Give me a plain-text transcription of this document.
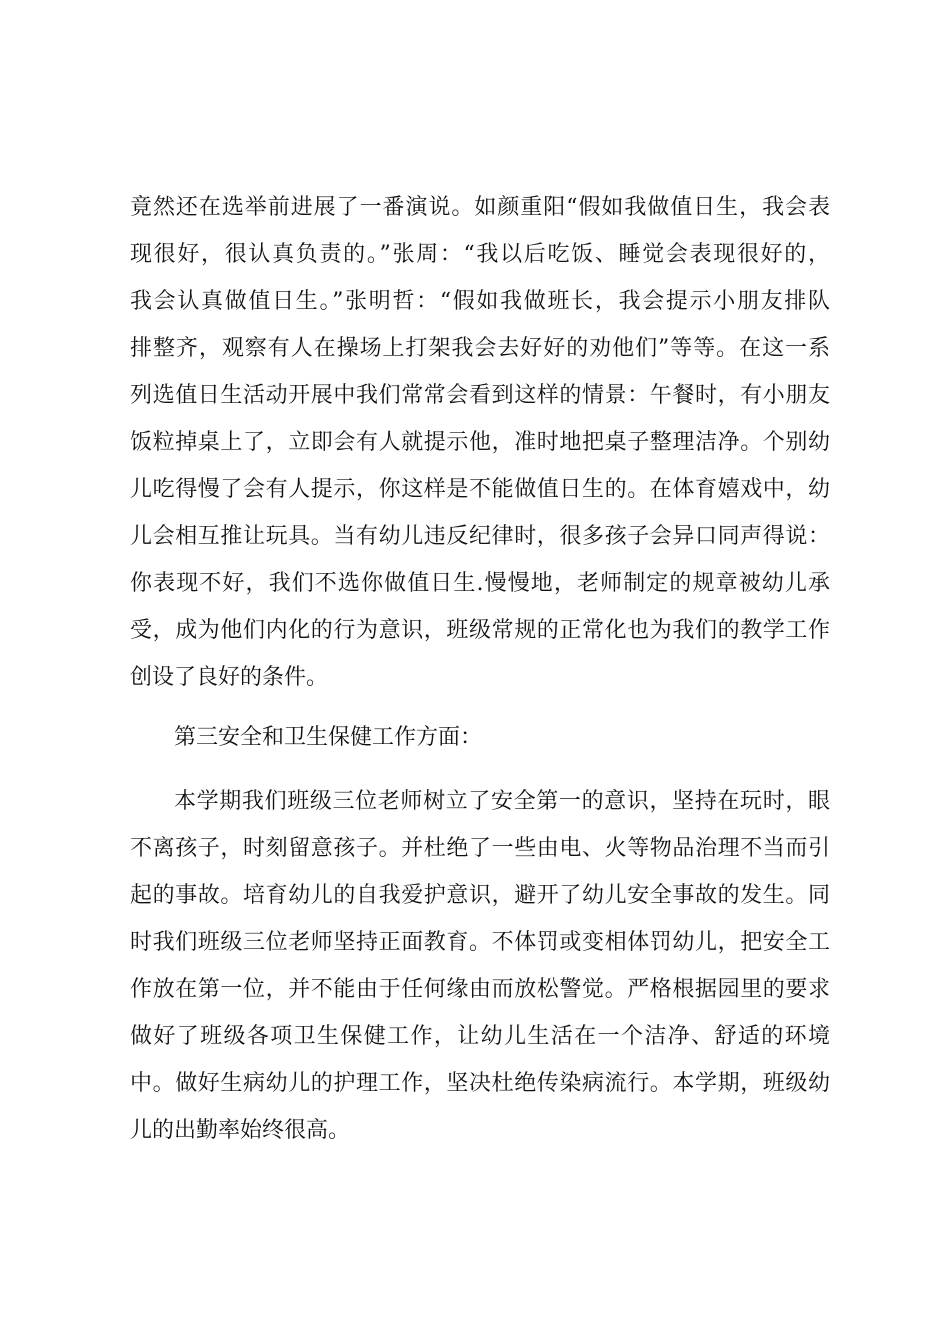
竟然还在选举前进展了一番演说。如颜重阳“假如我做值日生，我会表
现很好，很认真负责的。”张周：“我以后吃饭、睡觉会表现很好的，
我会认真做值日生。”张明哲：“假如我做班长，我会提示小朋友排队
排整齐，观察有人在操场上打架我会去好好的劝他们”等等。在这一系
列选值日生活动开展中我们常常会看到这样的情景：午餐时，有小朋友
饭粒掉桌上了，立即会有人就提示他，准时地把桌子整理洁净。个别幼
儿吃得慢了会有人提示，你这样是不能做值日生的。在体育嬉戏中，幼
儿会相互推让玩具。当有幼儿违反纪律时，很多孩子会异口同声得说：
你表现不好，我们不选你做值日生.慢慢地，老师制定的规章被幼儿承
受，成为他们内化的行为意识，班级常规的正常化也为我们的教学工作
创设了良好的条件。
第三安全和卫生保健工作方面：
本学期我们班级三位老师树立了安全第一的意识，坚持在玩时，眼
不离孩子，时刻留意孩子。并杜绝了一些由电、火等物品治理不当而引
起的事故。培育幼儿的自我爱护意识，避开了幼儿安全事故的发生。同
时我们班级三位老师坚持正面教育。不体罚或变相体罚幼儿，把安全工
作放在第一位，并不能由于任何缘由而放松警觉。严格根据园里的要求
做好了班级各项卫生保健工作，让幼儿生活在一个洁净、舒适的环境
中。做好生病幼儿的护理工作，坚决杜绝传染病流行。本学期，班级幼
儿的出勤率始终很高。
